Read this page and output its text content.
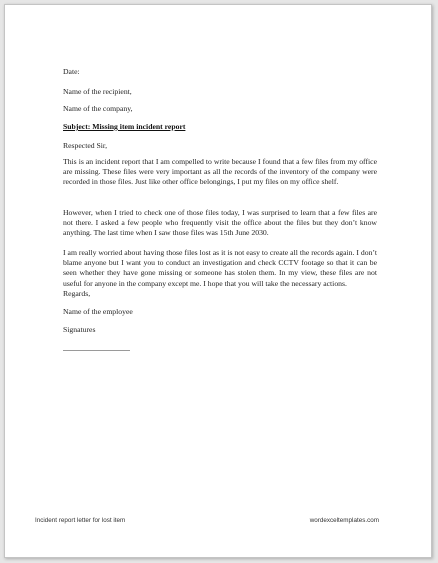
Date:

Name of the recipient,

Name of the company,

Subject: Missing item incident report

Respected Sir,

This is an incident report that I am compelled to write because I found that a few files from my office are missing. These files were very important as all the records of the inventory of the company were recorded in those files. Just like other office belongings, I put my files on my office shelf.

However, when I tried to check one of those files today, I was surprised to learn that a few files are not there. I asked a few people who frequently visit the office about the files but they don’t know anything. The last time when I saw those files was 15th June 2030.

I am really worried about having those files lost as it is not easy to create all the records again. I don’t blame anyone but I want you to conduct an investigation and check CCTV footage so that it can be seen whether they have gone missing or someone has stolen them. In my view, these files are not useful for anyone in the company except me. I hope that you will take the necessary actions.

Regards,

Name of the employee

Signatures

Incident report letter for lost item	wordexceltemplates.com
